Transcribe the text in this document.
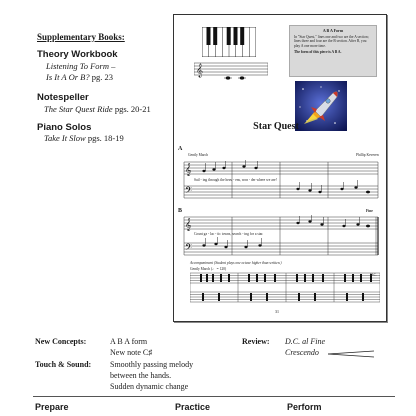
Supplementary Books:
Theory Workbook
Listening To Form –
Is It A Or B? pg. 23
Notespeller
The Star Quest Ride pgs. 20-21
Piano Solos
Take It Slow pgs. 18-19
𝄞
A B A Form
In "Star Quest," lines one and two are the A section; lines three and four are the B section. After B, you play A one more time.
The form of this piece is A B A.
Star Quest
A
Gently March	Phillip Keveren
𝄞
𝄢
Sail - ing through the heav - ens, won - der where we are!
B	Fine
𝄞
𝄢
Count ga - lac - tic towns, search - ing for a star.
Accompaniment (Student plays one octave higher than written.)
Gently March (♩ = 120)
D.C.
31
New Concepts:	A B A form
New note C♯
Touch & Sound: Smoothly passing melody
between the hands.
Sudden dynamic change
Review: D.C. al Fine
Crescendo
Prepare	Practice	Perform
